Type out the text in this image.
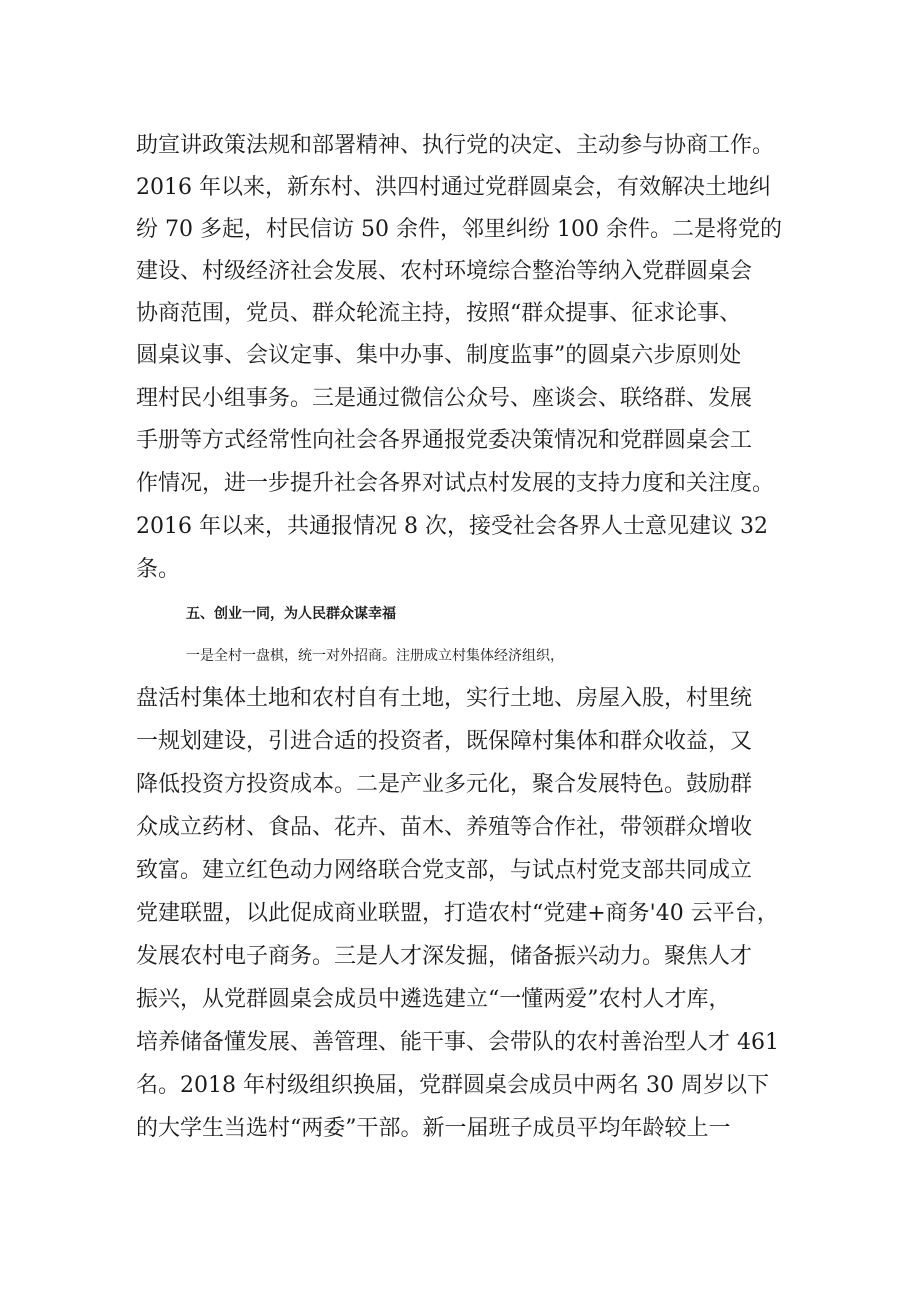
助宣讲政策法规和部署精神、执行党的决定、主动参与协商工作。
2016 年以来，新东村、洪四村通过党群圆桌会，有效解决土地纠
纷 70 多起，村民信访 50 余件，邻里纠纷 100 余件。二是将党的
建设、村级经济社会发展、农村环境综合整治等纳入党群圆桌会
协商范围，党员、群众轮流主持，按照“群众提事、征求论事、
圆桌议事、会议定事、集中办事、制度监事”的圆桌六步原则处
理村民小组事务。三是通过微信公众号、座谈会、联络群、发展
手册等方式经常性向社会各界通报党委决策情况和党群圆桌会工
作情况，进一步提升社会各界对试点村发展的支持力度和关注度。
2016 年以来，共通报情况 8 次，接受社会各界人士意见建议 32
条。
五、创业一同，为人民群众谋幸福
一是全村一盘棋，统一对外招商。注册成立村集体经济组织，
盘活村集体土地和农村自有土地，实行土地、房屋入股，村里统
一规划建设，引进合适的投资者，既保障村集体和群众收益，又
降低投资方投资成本。二是产业多元化，聚合发展特色。鼓励群
众成立药材、食品、花卉、苗木、养殖等合作社，带领群众增收
致富。建立红色动力网络联合党支部，与试点村党支部共同成立
党建联盟，以此促成商业联盟，打造农村“党建+商务'40 云平台，
发展农村电子商务。三是人才深发掘，储备振兴动力。聚焦人才
振兴，从党群圆桌会成员中遴选建立“一懂两爱”农村人才库，
培养储备懂发展、善管理、能干事、会带队的农村善治型人才 461
名。2018 年村级组织换届，党群圆桌会成员中两名 30 周岁以下
的大学生当选村“两委”干部。新一届班子成员平均年龄较上一
